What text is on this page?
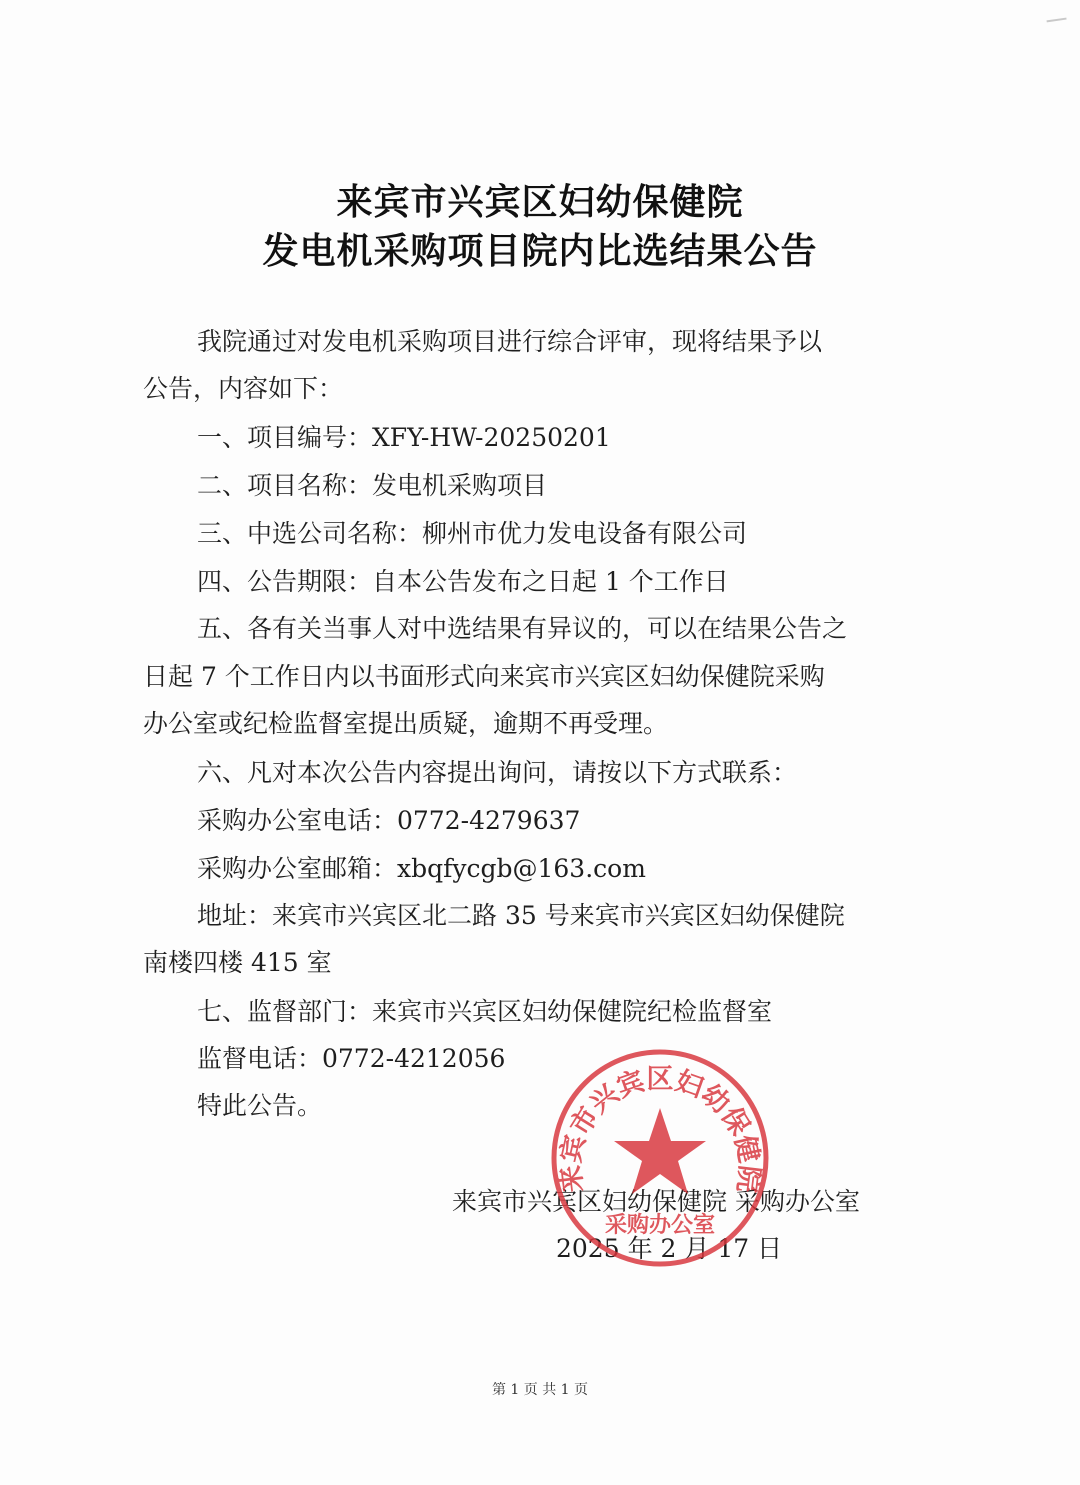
来宾市兴宾区妇幼保健院
发电机采购项目院内比选结果公告
我院通过对发电机采购项目进行综合评审，现将结果予以
公告，内容如下：
一、项目编号：XFY-HW-20250201
二、项目名称：发电机采购项目
三、中选公司名称：柳州市优力发电设备有限公司
四、公告期限：自本公告发布之日起 1 个工作日
五、各有关当事人对中选结果有异议的，可以在结果公告之
日起 7 个工作日内以书面形式向来宾市兴宾区妇幼保健院采购
办公室或纪检监督室提出质疑，逾期不再受理。
六、凡对本次公告内容提出询问，请按以下方式联系：
采购办公室电话：0772-4279637
采购办公室邮箱：xbqfycgb@163.com
地址：来宾市兴宾区北二路 35 号来宾市兴宾区妇幼保健院
南楼四楼 415 室
七、监督部门：来宾市兴宾区妇幼保健院纪检监督室
监督电话：0772-4212056
特此公告。
来宾市兴宾区妇幼保健院 采购办公室
2025 年 2 月 17 日
来宾市兴宾区妇幼保健院
采购办公室
第 1 页 共 1 页
